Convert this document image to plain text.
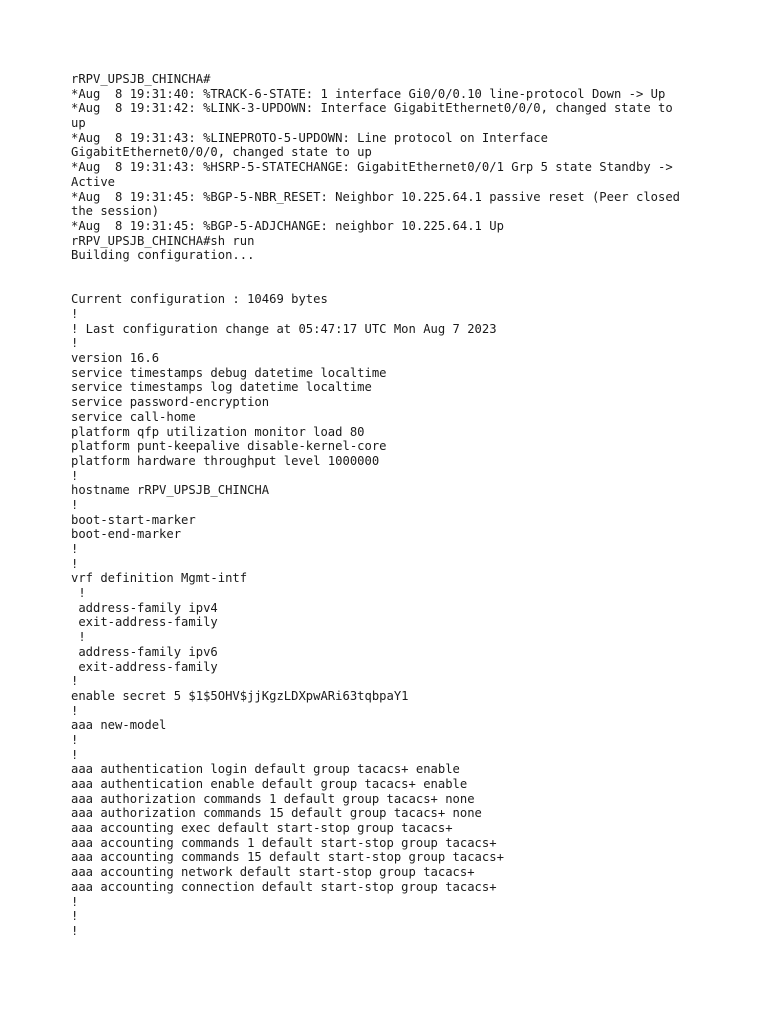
rRPV_UPSJB_CHINCHA#
*Aug  8 19:31:40: %TRACK-6-STATE: 1 interface Gi0/0/0.10 line-protocol Down -> Up
*Aug  8 19:31:42: %LINK-3-UPDOWN: Interface GigabitEthernet0/0/0, changed state to
up
*Aug  8 19:31:43: %LINEPROTO-5-UPDOWN: Line protocol on Interface
GigabitEthernet0/0/0, changed state to up
*Aug  8 19:31:43: %HSRP-5-STATECHANGE: GigabitEthernet0/0/1 Grp 5 state Standby ->
Active
*Aug  8 19:31:45: %BGP-5-NBR_RESET: Neighbor 10.225.64.1 passive reset (Peer closed
the session)
*Aug  8 19:31:45: %BGP-5-ADJCHANGE: neighbor 10.225.64.1 Up
rRPV_UPSJB_CHINCHA#sh run
Building configuration...
Current configuration : 10469 bytes
!
! Last configuration change at 05:47:17 UTC Mon Aug 7 2023
!
version 16.6
service timestamps debug datetime localtime
service timestamps log datetime localtime
service password-encryption
service call-home
platform qfp utilization monitor load 80
platform punt-keepalive disable-kernel-core
platform hardware throughput level 1000000
!
hostname rRPV_UPSJB_CHINCHA
!
boot-start-marker
boot-end-marker
!
!
vrf definition Mgmt-intf
!
address-family ipv4
exit-address-family
!
address-family ipv6
exit-address-family
!
enable secret 5 $1$5OHV$jjKgzLDXpwARi63tqbpaY1
!
aaa new-model
!
!
aaa authentication login default group tacacs+ enable
aaa authentication enable default group tacacs+ enable
aaa authorization commands 1 default group tacacs+ none
aaa authorization commands 15 default group tacacs+ none
aaa accounting exec default start-stop group tacacs+
aaa accounting commands 1 default start-stop group tacacs+
aaa accounting commands 15 default start-stop group tacacs+
aaa accounting network default start-stop group tacacs+
aaa accounting connection default start-stop group tacacs+
!
!
!
